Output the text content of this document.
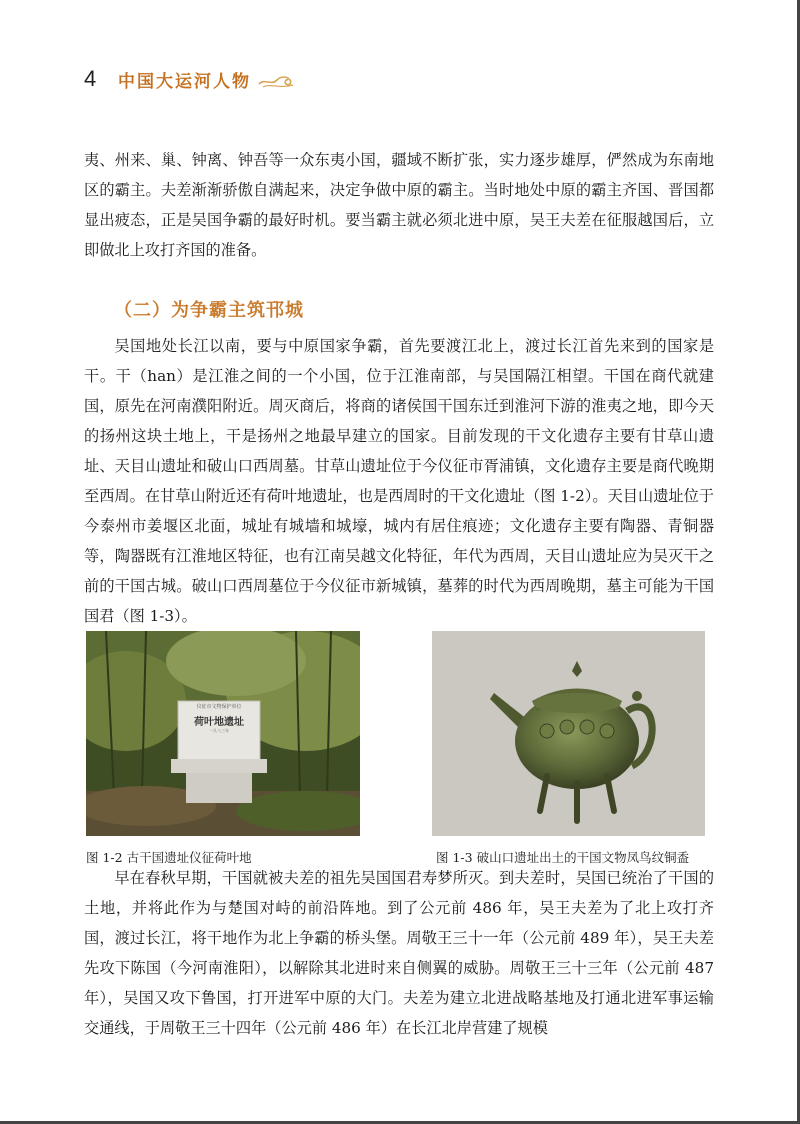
4	中国大运河人物

夷、州来、巢、钟离、钟吾等一众东夷小国，疆域不断扩张，实力逐步雄厚，俨然成为东南地区的霸主。夫差渐渐骄傲自满起来，决定争做中原的霸主。当时地处中原的霸主齐国、晋国都显出疲态，正是吴国争霸的最好时机。要当霸主就必须北进中原，吴王夫差在征服越国后，立即做北上攻打齐国的准备。

（二）为争霸主筑邗城

吴国地处长江以南，要与中原国家争霸，首先要渡江北上，渡过长江首先来到的国家是干。干（han）是江淮之间的一个小国，位于江淮南部，与吴国隔江相望。干国在商代就建国，原先在河南濮阳附近。周灭商后，将商的诸侯国干国东迁到淮河下游的淮夷之地，即今天的扬州这块土地上，干是扬州之地最早建立的国家。目前发现的干文化遗存主要有甘草山遗址、天目山遗址和破山口西周墓。甘草山遗址位于今仪征市胥浦镇，文化遗存主要是商代晚期至西周。在甘草山附近还有荷叶地遗址，也是西周时的干文化遗址（图 1-2）。天目山遗址位于今泰州市姜堰区北面，城址有城墙和城壕，城内有居住痕迹；文化遗存主要有陶器、青铜器等，陶器既有江淮地区特征，也有江南吴越文化特征，年代为西周，天目山遗址应为吴灭干之前的干国古城。破山口西周墓位于今仪征市新城镇，墓葬的时代为西周晚期，墓主可能为干国国君（图 1-3）。

仪征市文物保护单位
荷叶地遗址
一九八三年
图 1-2 古干国遗址仪征荷叶地	图 1-3 破山口遗址出土的干国文物凤鸟纹铜盉

早在春秋早期，干国就被夫差的祖先吴国国君寿梦所灭。到夫差时，吴国已统治了干国的土地，并将此作为与楚国对峙的前沿阵地。到了公元前 486 年，吴王夫差为了北上攻打齐国，渡过长江，将干地作为北上争霸的桥头堡。周敬王三十一年（公元前 489 年），吴王夫差先攻下陈国（今河南淮阳），以解除其北进时来自侧翼的威胁。周敬王三十三年（公元前 487 年），吴国又攻下鲁国，打开进军中原的大门。夫差为建立北进战略基地及打通北进军事运输交通线，于周敬王三十四年（公元前 486 年）在长江北岸营建了规模
